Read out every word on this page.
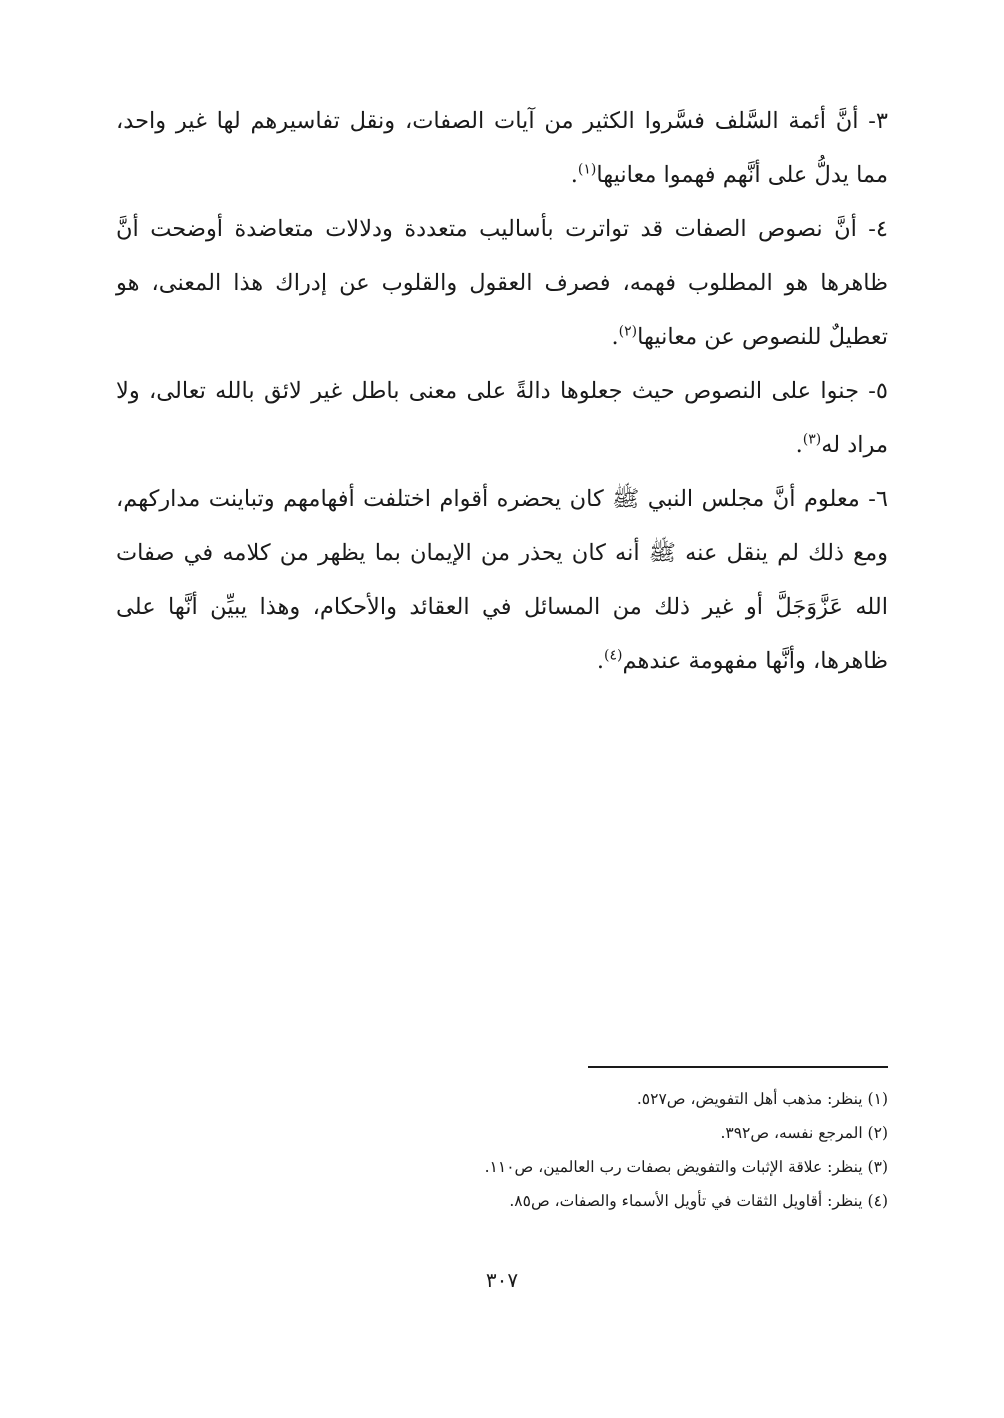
٣- أنَّ أئمة السَّلف فسَّروا الكثير من آيات الصفات، ونقل تفاسيرهم لها غير واحد، مما يدلُّ على أنَّهم فهموا معانيها$^{(١)}$.

٤- أنَّ نصوص الصفات قد تواترت بأساليب متعددة ودلالات متعاضدة أوضحت أنَّ ظاهرها هو المطلوب فهمه، فصرف العقول والقلوب عن إدراك هذا المعنى، هو تعطيلٌ للنصوص عن معانيها$^{(٢)}$.

٥- جنوا على النصوص حيث جعلوها دالةً على معنى باطل غير لائق بالله تعالى، ولا مراد له$^{(٣)}$.

٦- معلوم أنَّ مجلس النبي ﷺ كان يحضره أقوام اختلفت أفهامهم وتباينت مداركهم، ومع ذلك لم ينقل عنه ﷺ أنه كان يحذر من الإيمان بما يظهر من كلامه في صفات الله عَزَّوَجَلَّ أو غير ذلك من المسائل في العقائد والأحكام، وهذا يبيِّن أنَّها على ظاهرها، وأنَّها مفهومة عندهم$^{(٤)}$.

(١) ينظر: مذهب أهل التفويض، ص٥٢٧.

(٢) المرجع نفسه، ص٣٩٢.

(٣) ينظر: علاقة الإثبات والتفويض بصفات رب العالمين، ص١١٠.

(٤) ينظر: أقاويل الثقات في تأويل الأسماء والصفات، ص٨٥.

٣٠٧
